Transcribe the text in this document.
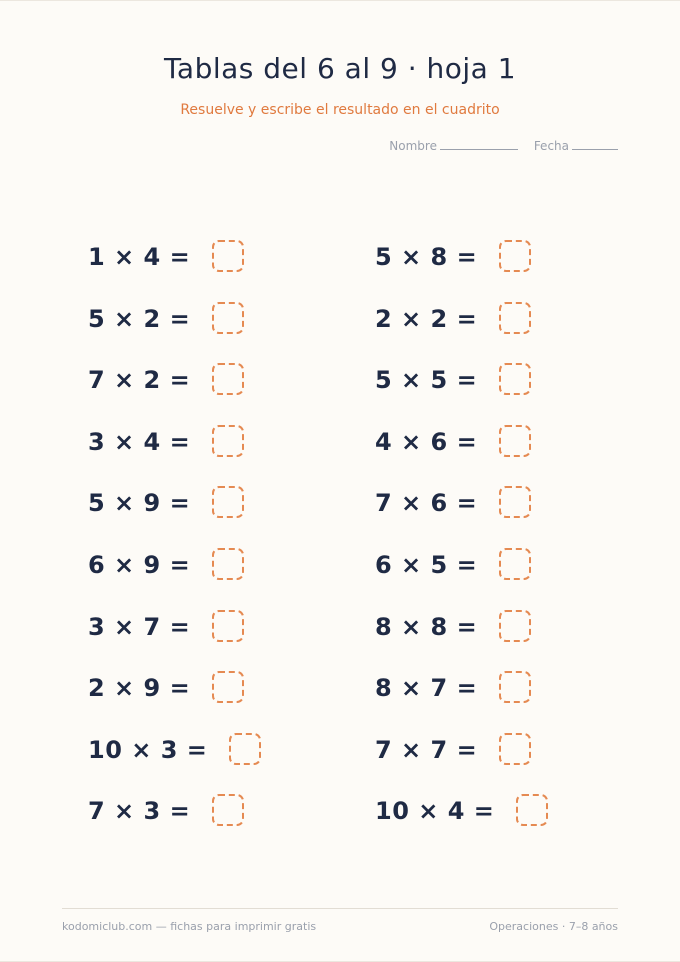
Tablas del 6 al 9 · hoja 1
Resuelve y escribe el resultado en el cuadrito
Nombre	Fecha
1 × 4 =
5 × 2 =
7 × 2 =
3 × 4 =
5 × 9 =
6 × 9 =
3 × 7 =
2 × 9 =
10 × 3 =
7 × 3 =
5 × 8 =
2 × 2 =
5 × 5 =
4 × 6 =
7 × 6 =
6 × 5 =
8 × 8 =
8 × 7 =
7 × 7 =
10 × 4 =
kodomiclub.com — fichas para imprimir gratis	Operaciones · 7–8 años
